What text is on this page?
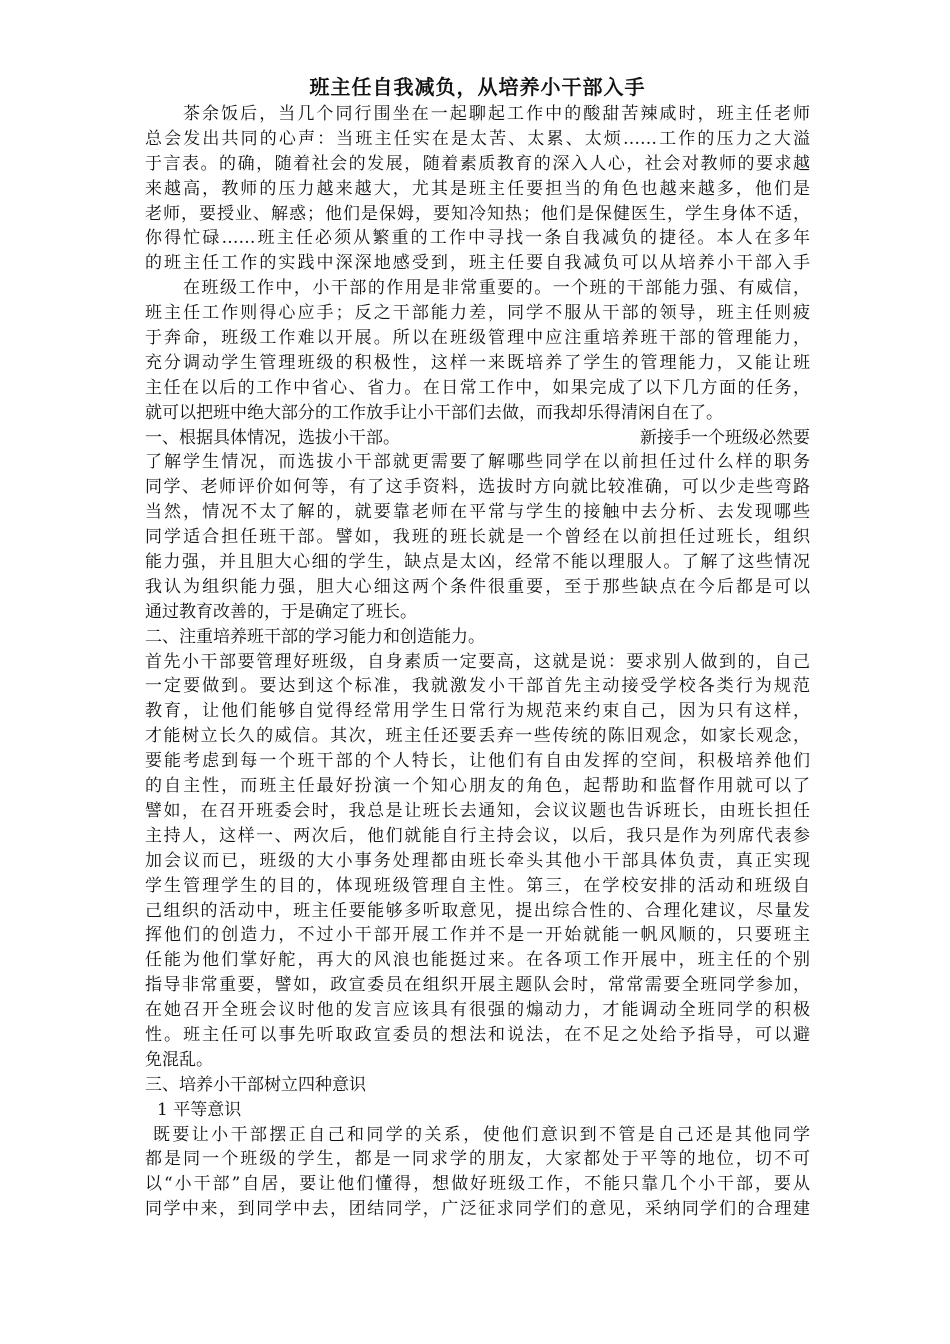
班主任自我减负，从培养小干部入手
茶余饭后，当几个同行围坐在一起聊起工作中的酸甜苦辣咸时，班主任老师
总会发出共同的心声：当班主任实在是太苦、太累、太烦……工作的压力之大溢
于言表。的确，随着社会的发展，随着素质教育的深入人心，社会对教师的要求越
来越高，教师的压力越来越大，尤其是班主任要担当的角色也越来越多，他们是
老师，要授业、解惑；他们是保姆，要知冷知热；他们是保健医生，学生身体不适，
你得忙碌……班主任必须从繁重的工作中寻找一条自我减负的捷径。本人在多年
的班主任工作的实践中深深地感受到，班主任要自我减负可以从培养小干部入手
在班级工作中，小干部的作用是非常重要的。一个班的干部能力强、有威信，
班主任工作则得心应手；反之干部能力差，同学不服从干部的领导，班主任则疲
于奔命，班级工作难以开展。所以在班级管理中应注重培养班干部的管理能力，
充分调动学生管理班级的积极性，这样一来既培养了学生的管理能力，又能让班
主任在以后的工作中省心、省力。在日常工作中，如果完成了以下几方面的任务，
就可以把班中绝大部分的工作放手让小干部们去做，而我却乐得清闲自在了。
一、根据具体情况，选拔小干部。	新接手一个班级必然要
了解学生情况，而选拔小干部就更需要了解哪些同学在以前担任过什么样的职务
同学、老师评价如何等，有了这手资料，选拔时方向就比较准确，可以少走些弯路
当然，情况不太了解的，就要靠老师在平常与学生的接触中去分析、去发现哪些
同学适合担任班干部。譬如，我班的班长就是一个曾经在以前担任过班长，组织
能力强，并且胆大心细的学生，缺点是太凶，经常不能以理服人。了解了这些情况
我认为组织能力强，胆大心细这两个条件很重要，至于那些缺点在今后都是可以
通过教育改善的，于是确定了班长。
二、注重培养班干部的学习能力和创造能力。
首先小干部要管理好班级，自身素质一定要高，这就是说：要求别人做到的，自己
一定要做到。要达到这个标准，我就激发小干部首先主动接受学校各类行为规范
教育，让他们能够自觉得经常用学生日常行为规范来约束自己，因为只有这样，
才能树立长久的威信。其次，班主任还要丢弃一些传统的陈旧观念，如家长观念，
要能考虑到每一个班干部的个人特长，让他们有自由发挥的空间，积极培养他们
的自主性，而班主任最好扮演一个知心朋友的角色，起帮助和监督作用就可以了
譬如，在召开班委会时，我总是让班长去通知，会议议题也告诉班长，由班长担任
主持人，这样一、两次后，他们就能自行主持会议，以后，我只是作为列席代表参
加会议而已，班级的大小事务处理都由班长牵头其他小干部具体负责，真正实现
学生管理学生的目的，体现班级管理自主性。第三，在学校安排的活动和班级自
己组织的活动中，班主任要能够多听取意见，提出综合性的、合理化建议，尽量发
挥他们的创造力，不过小干部开展工作并不是一开始就能一帆风顺的，只要班主
任能为他们掌好舵，再大的风浪也能挺过来。在各项工作开展中，班主任的个别
指导非常重要，譬如，政宣委员在组织开展主题队会时，常常需要全班同学参加，
在她召开全班会议时他的发言应该具有很强的煽动力，才能调动全班同学的积极
性。班主任可以事先听取政宣委员的想法和说法，在不足之处给予指导，可以避
免混乱。
三、培养小干部树立四种意识
1 平等意识
既要让小干部摆正自己和同学的关系，使他们意识到不管是自己还是其他同学
都是同一个班级的学生，都是一同求学的朋友，大家都处于平等的地位，切不可
以“小干部”自居，要让他们懂得，想做好班级工作，不能只靠几个小干部，要从
同学中来，到同学中去，团结同学，广泛征求同学们的意见，采纳同学们的合理建
